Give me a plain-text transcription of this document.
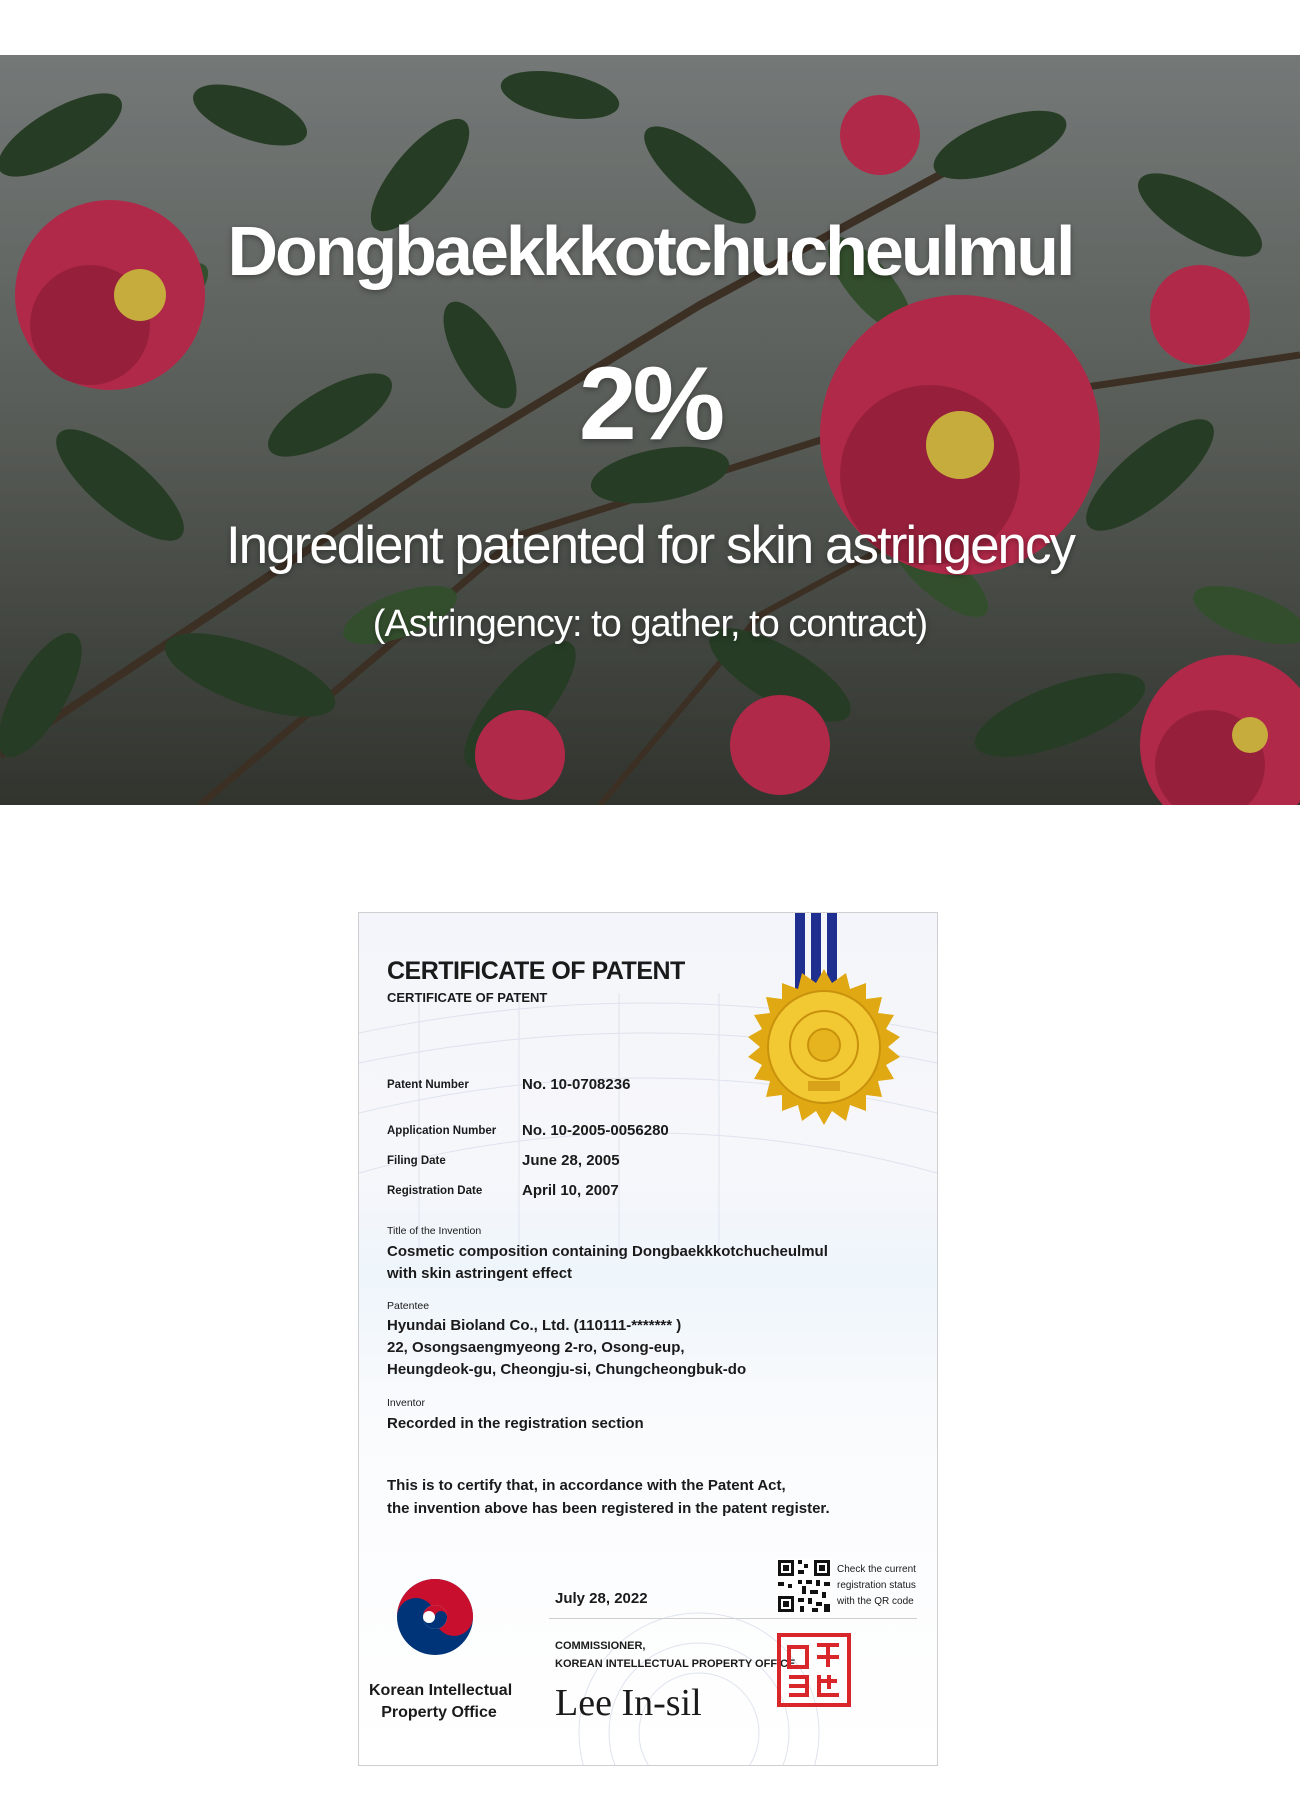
Dongbaekkkotchucheulmul
2%
Ingredient patented for skin astringency
(Astringency: to gather, to contract)
CERTIFICATE OF PATENT
CERTIFICATE OF PATENT
Patent Number	No. 10-0708236
Application Number No. 10-2005-0056280
Filing Date	June 28, 2005
Registration Date	April 10, 2007
Title of the Invention
Cosmetic composition containing Dongbaekkkotchucheulmul
with skin astringent effect
Patentee
Hyundai Bioland Co., Ltd. (110111-******* )
22, Osongsaengmyeong 2-ro, Osong-eup,
Heungdeok-gu, Cheongju-si, Chungcheongbuk-do
Inventor
Recorded in the registration section
This is to certify that, in accordance with the Patent Act,
the invention above has been registered in the patent register.
July 28, 2022
Check the current registration status with the QR code
COMMISSIONER,
KOREAN INTELLECTUAL PROPERTY OFFICE
Lee In-sil
Korean Intellectual
Property Office
